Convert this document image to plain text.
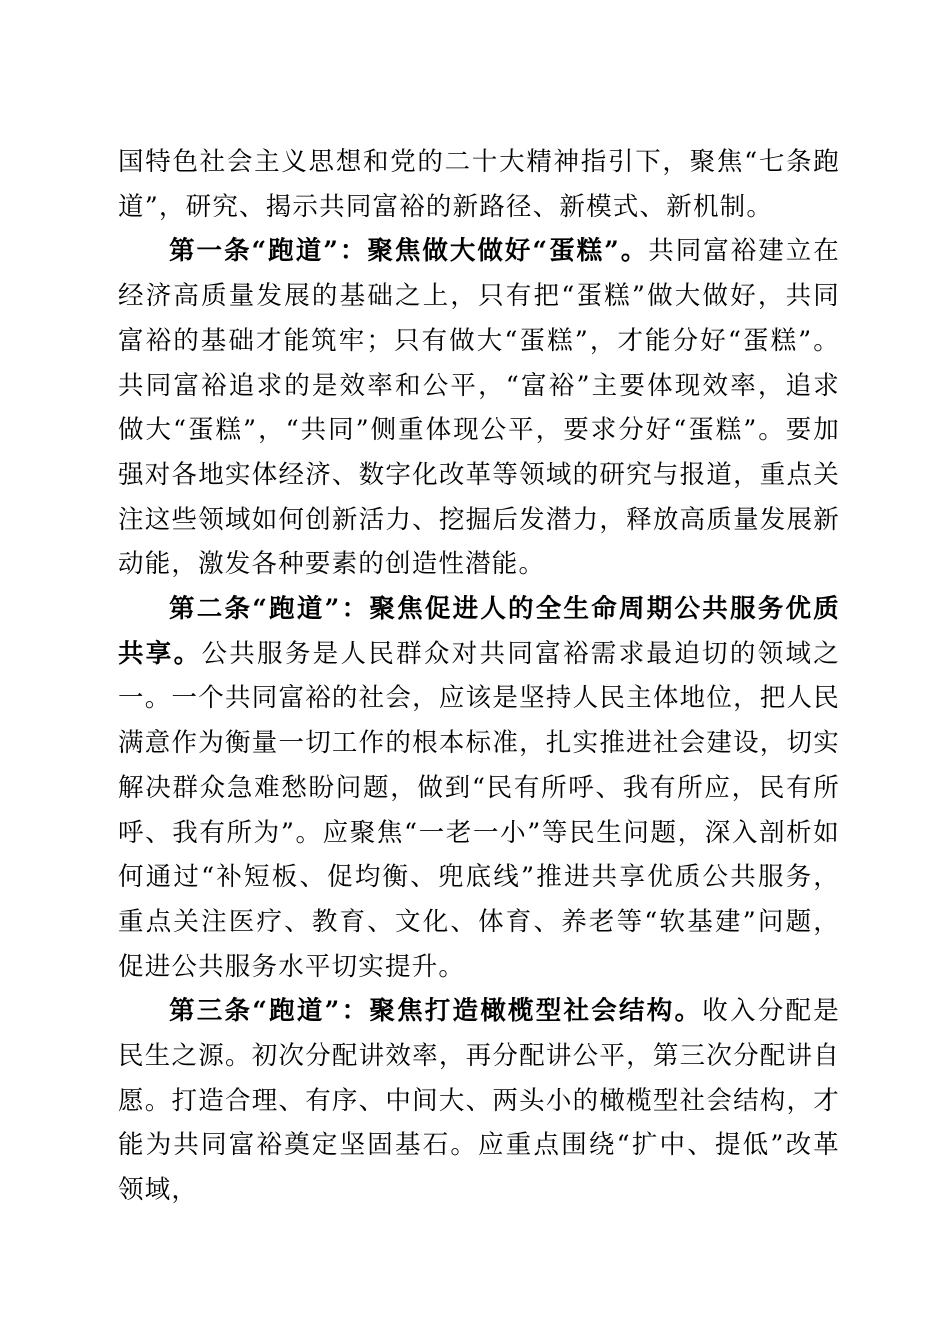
国特色社会主义思想和党的二十大精神指引下，聚焦“七条跑道”，研究、揭示共同富裕的新路径、新模式、新机制。

第一条“跑道”：聚焦做大做好“蛋糕”。共同富裕建立在经济高质量发展的基础之上，只有把“蛋糕”做大做好，共同富裕的基础才能筑牢；只有做大“蛋糕”，才能分好“蛋糕”。共同富裕追求的是效率和公平，“富裕”主要体现效率，追求做大“蛋糕”，“共同”侧重体现公平，要求分好“蛋糕”。要加强对各地实体经济、数字化改革等领域的研究与报道，重点关注这些领域如何创新活力、挖掘后发潜力，释放高质量发展新动能，激发各种要素的创造性潜能。

第二条“跑道”：聚焦促进人的全生命周期公共服务优质共享。公共服务是人民群众对共同富裕需求最迫切的领域之一。一个共同富裕的社会，应该是坚持人民主体地位，把人民满意作为衡量一切工作的根本标准，扎实推进社会建设，切实解决群众急难愁盼问题，做到“民有所呼、我有所应，民有所呼、我有所为”。应聚焦“一老一小”等民生问题，深入剖析如何通过“补短板、促均衡、兜底线”推进共享优质公共服务，重点关注医疗、教育、文化、体育、养老等“软基建”问题，促进公共服务水平切实提升。

第三条“跑道”：聚焦打造橄榄型社会结构。收入分配是民生之源。初次分配讲效率，再分配讲公平，第三次分配讲自愿。打造合理、有序、中间大、两头小的橄榄型社会结构，才能为共同富裕奠定坚固基石。应重点围绕“扩中、提低”改革领域，
